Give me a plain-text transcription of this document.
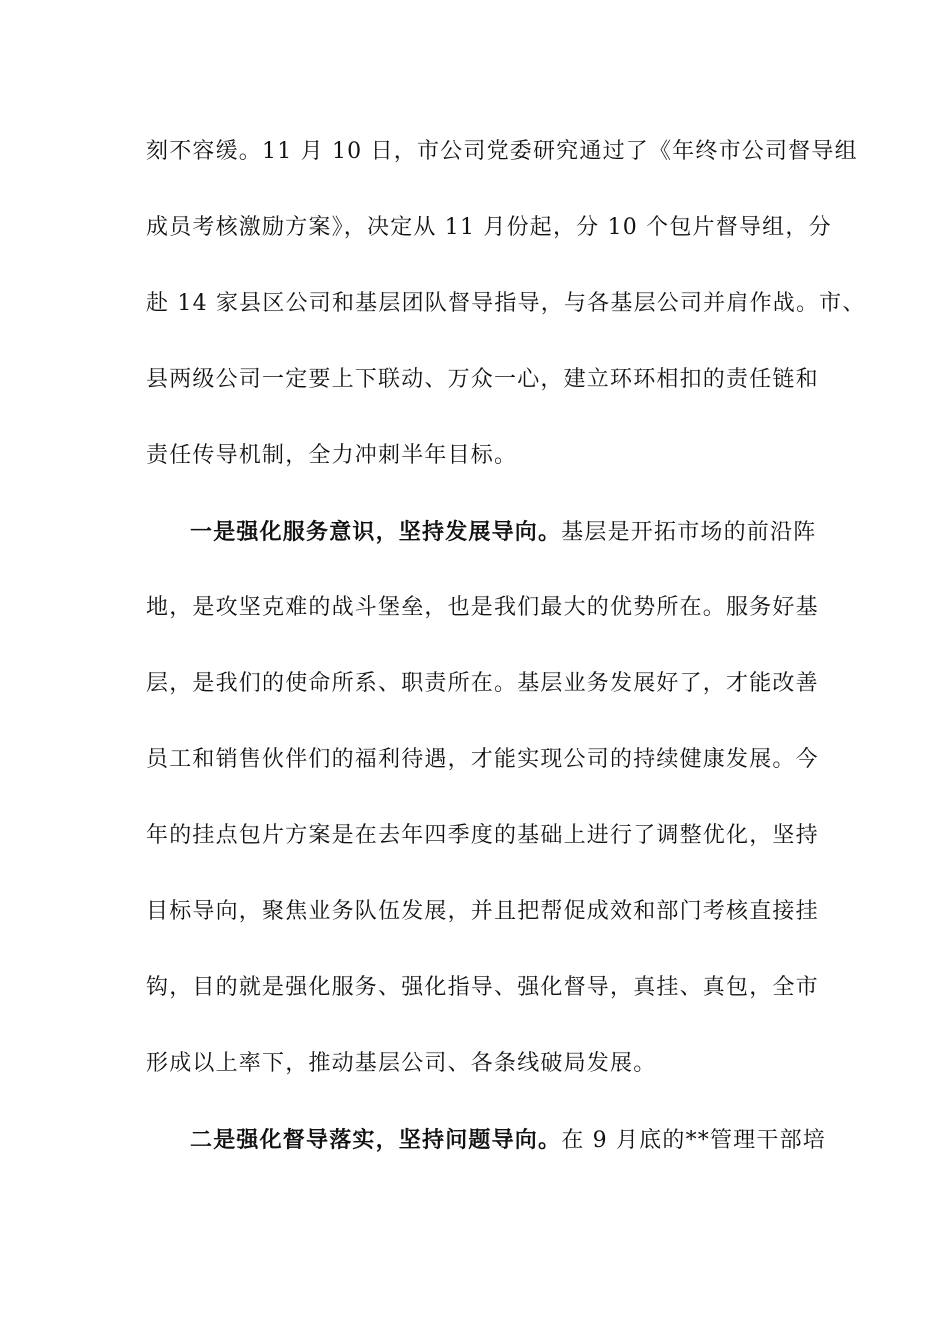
刻不容缓。11 月 10 日，市公司党委研究通过了《年终市公司督导组
成员考核激励方案》，决定从 11 月份起，分 10 个包片督导组，分
赴 14 家县区公司和基层团队督导指导，与各基层公司并肩作战。市、
县两级公司一定要上下联动、万众一心，建立环环相扣的责任链和
责任传导机制，全力冲刺半年目标。
一是强化服务意识，坚持发展导向。基层是开拓市场的前沿阵
地，是攻坚克难的战斗堡垒，也是我们最大的优势所在。服务好基
层，是我们的使命所系、职责所在。基层业务发展好了，才能改善
员工和销售伙伴们的福利待遇，才能实现公司的持续健康发展。今
年的挂点包片方案是在去年四季度的基础上进行了调整优化，坚持
目标导向，聚焦业务队伍发展，并且把帮促成效和部门考核直接挂
钩，目的就是强化服务、强化指导、强化督导，真挂、真包，全市
形成以上率下，推动基层公司、各条线破局发展。
二是强化督导落实，坚持问题导向。在 9 月底的**管理干部培
